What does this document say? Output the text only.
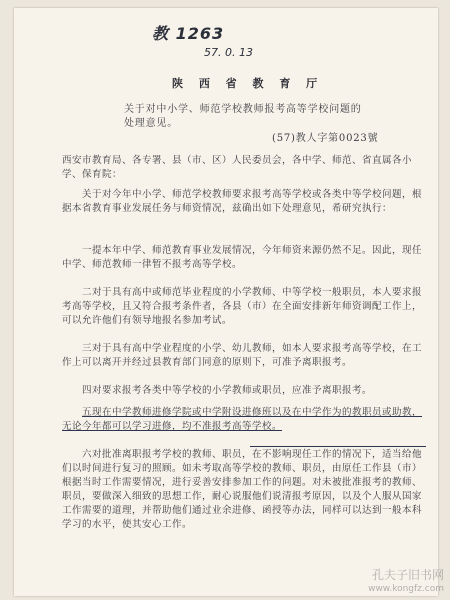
教 1263
57. 0. 13
陕 西 省 教 育 厅
关于对中小学、师范学校教师报考高等学校问题的
处理意见。
(57)教人字第0023號
西安市教育局、各专署、县（市、区）人民委员会，各中学、师范、省直属各小学、保育院：
关于对今年中小学、师范学校教师要求报考高等学校或各类中等学校问题，根据本省教育事业发展任务与师资情况，兹确出如下处理意见，希研究执行：
一提本年中学、师范教育事业发展情况，今年师资来源仍然不足。因此，现任中学、师范教师一律暂不报考高等学校。
二对于具有高中或师范毕业程度的小学教师、中等学校一般职员，本人要求报考高等学校，且又符合报考条件者，各县（市）在全面安排新年师资调配工作上，可以允许他们有领导地报名参加考试。
三对于具有高中学业程度的小学、幼儿教师，如本人要求报考高等学校，在工作上可以离开并经过县教育部门同意的原则下，可准予离职报考。
四对要求报考各类中等学校的小学教师或职员，应准予离职报考。
五现在中学教师进修学院或中学附设进修班以及在中学作为的教职员或助教，无论今年都可以学习进修，均不准报考高等学校。
六对批准离职报考学校的教师、职员，在不影响现任工作的情况下，适当给他们以时间进行复习的照顾。如未考取高等学校的教师、职员，由原任工作县（市）根据当时工作需要情况，进行妥善安排参加工作的问题。对未被批准报考的教师、职员，要做深入细致的思想工作，耐心说服他们说清报考原因，以及个人服从国家工作需要的道理，并帮助他们通过业余进修、函授等办法，同样可以达到一般本科学习的水平，使其安心工作。
孔夫子旧书网
www.kongfz.com
